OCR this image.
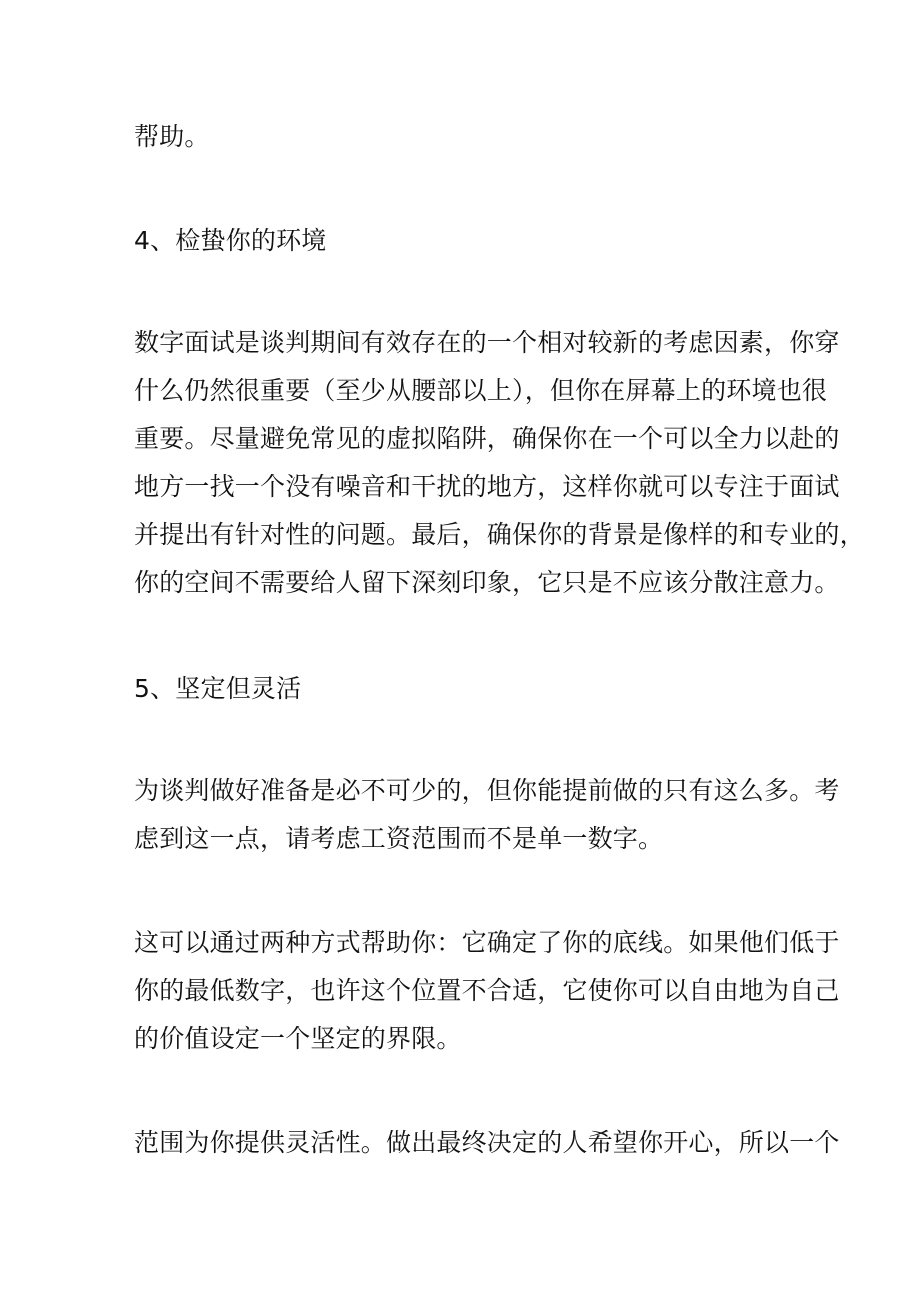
帮助。
4、检蛰你的环境
数字面试是谈判期间有效存在的一个相对较新的考虑因素，你穿
什么仍然很重要（至少从腰部以上），但你在屏幕上的环境也很
重要。尽量避免常见的虚拟陷阱，确保你在一个可以全力以赴的
地方一找一个没有噪音和干扰的地方，这样你就可以专注于面试
并提出有针对性的问题。最后，确保你的背景是像样的和专业的，
你的空间不需要给人留下深刻印象，它只是不应该分散注意力。
5、坚定但灵活
为谈判做好准备是必不可少的，但你能提前做的只有这么多。考
虑到这一点，请考虑工资范围而不是单一数字。
这可以通过两种方式帮助你：它确定了你的底线。如果他们低于
你的最低数字，也许这个位置不合适，它使你可以自由地为自己
的价值设定一个坚定的界限。
范围为你提供灵活性。做出最终决定的人希望你开心，所以一个
